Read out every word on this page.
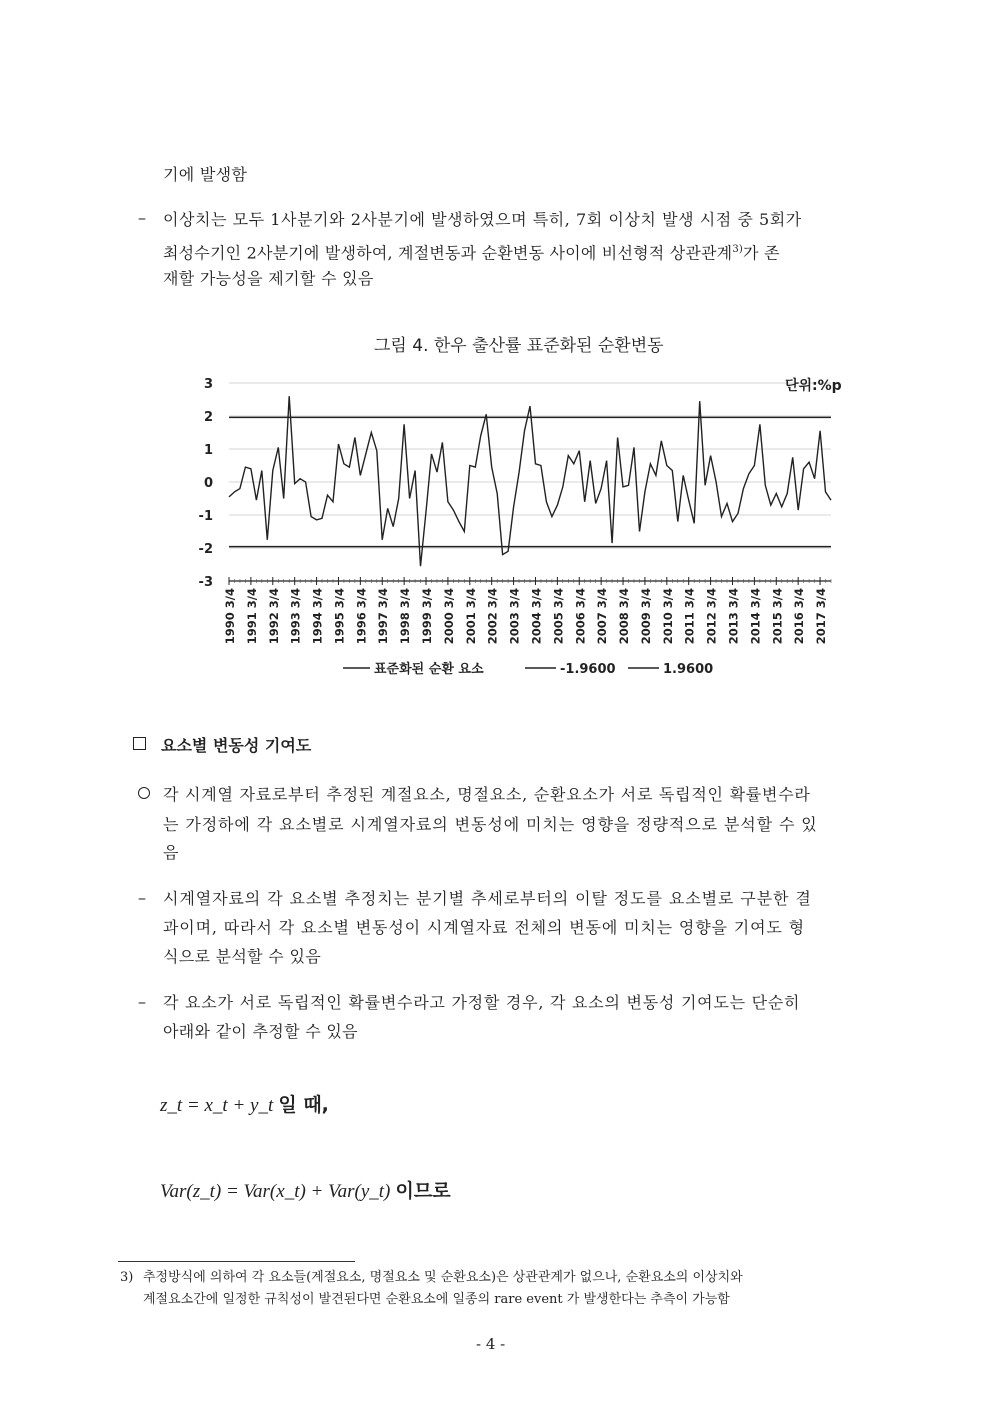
기에 발생함
– 이상치는 모두 1사분기와 2사분기에 발생하였으며 특히, 7회 이상치 발생 시점 중 5회가
최성수기인 2사분기에 발생하여, 계절변동과 순환변동 사이에 비선형적 상관관계$^{3)}$가 존
재할 가능성을 제기할 수 있음
그림 4. 한우 출산률 표준화된 순환변동
3
2
1
0
-1
-2
-3
1990 3/4 1991 3/4 1992 3/4 1993 3/4 1994 3/4 1995 3/4 1996 3/4 1997 3/4 1998 3/4 1999 3/4 2000 3/4 2001 3/4 2002 3/4 2003 3/4 2004 3/4 2005 3/4 2006 3/4 2007 3/4 2008 3/4 2009 3/4 2010 3/4 2011 3/4 2012 3/4 2013 3/4 2014 3/4 2015 3/4 2016 3/4 2017 3/4
단위:%p
표준화된 순환 요소	-1.9600	1.9600
요소별 변동성 기여도
각 시계열 자료로부터 추정된 계절요소, 명절요소, 순환요소가 서로 독립적인 확률변수라
는 가정하에 각 요소별로 시계열자료의 변동성에 미치는 영향을 정량적으로 분석할 수 있
음
– 시계열자료의 각 요소별 추정치는 분기별 추세로부터의 이탈 정도를 요소별로 구분한 결
과이며, 따라서 각 요소별 변동성이 시계열자료 전체의 변동에 미치는 영향을 기여도 형
식으로 분석할 수 있음
– 각 요소가 서로 독립적인 확률변수라고 가정할 경우, 각 요소의 변동성 기여도는 단순히
아래와 같이 추정할 수 있음
z_t = x_t + y_t 일 때,
Var(z_t) = Var(x_t) + Var(y_t) 이므로
3) 추정방식에 의하여 각 요소들(계절요소, 명절요소 및 순환요소)은 상관관계가 없으나, 순환요소의 이상치와
계절요소간에 일정한 규칙성이 발견된다면 순환요소에 일종의 rare event 가 발생한다는 추측이 가능함
- 4 -
